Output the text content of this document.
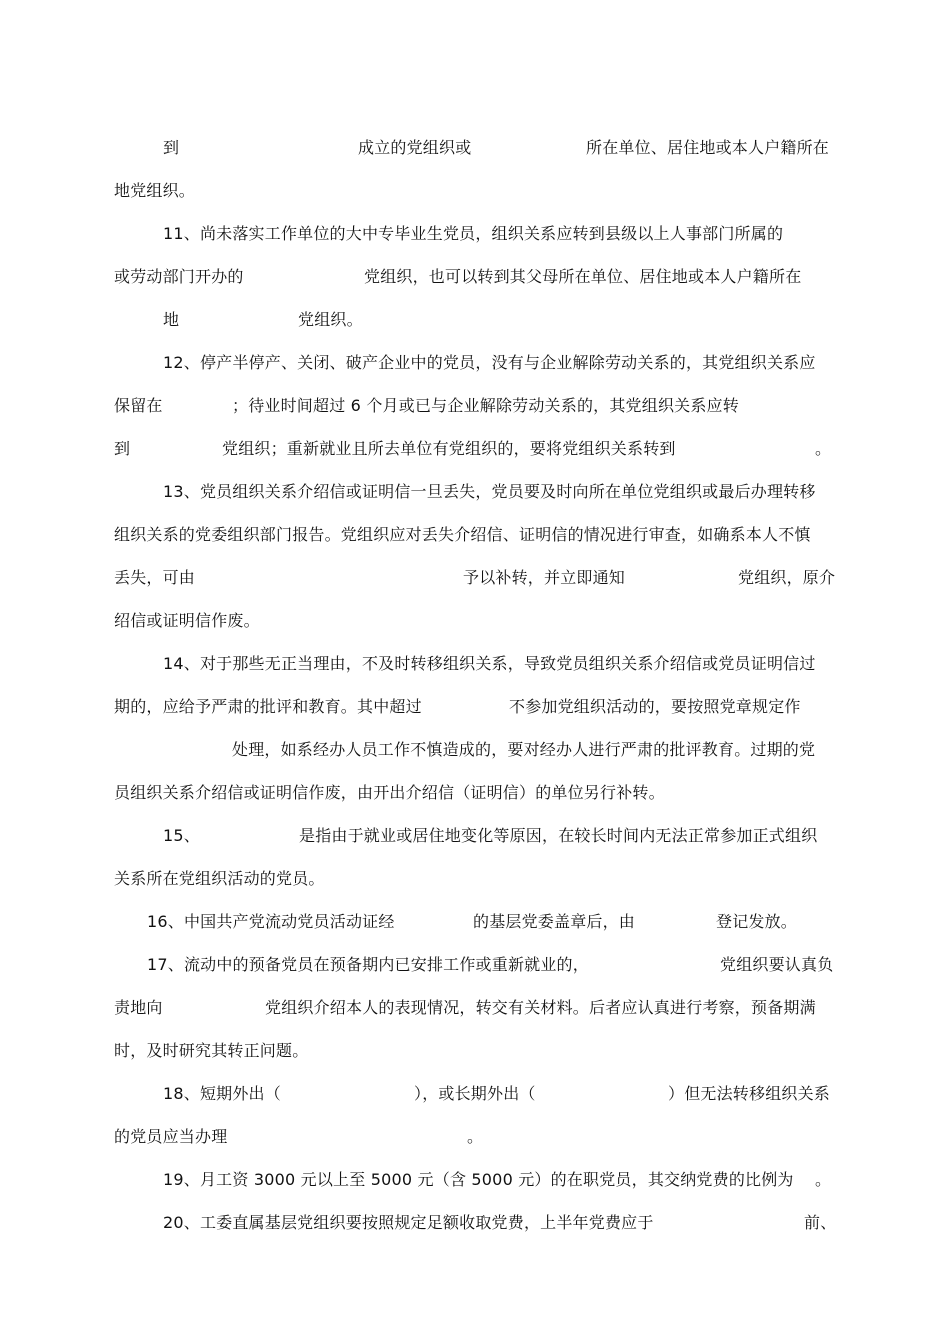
到	成立的党组织或	所在单位、居住地或本人户籍所在
地党组织。
11、尚未落实工作单位的大中专毕业生党员，组织关系应转到县级以上人事部门所属的
或劳动部门开办的	党组织，也可以转到其父母所在单位、居住地或本人户籍所在
地	党组织。
12、停产半停产、关闭、破产企业中的党员，没有与企业解除劳动关系的，其党组织关系应
保留在	；待业时间超过 6 个月或已与企业解除劳动关系的，其党组织关系应转
到	党组织；重新就业且所去单位有党组织的，要将党组织关系转到	。
13、党员组织关系介绍信或证明信一旦丢失，党员要及时向所在单位党组织或最后办理转移
组织关系的党委组织部门报告。党组织应对丢失介绍信、证明信的情况进行审查，如确系本人不慎
丢失，可由	予以补转，并立即通知	党组织，原介
绍信或证明信作废。
14、对于那些无正当理由，不及时转移组织关系，导致党员组织关系介绍信或党员证明信过
期的，应给予严肃的批评和教育。其中超过	不参加党组织活动的，要按照党章规定作
处理，如系经办人员工作不慎造成的，要对经办人进行严肃的批评教育。过期的党
员组织关系介绍信或证明信作废，由开出介绍信（证明信）的单位另行补转。
15、	是指由于就业或居住地变化等原因，在较长时间内无法正常参加正式组织
关系所在党组织活动的党员。
16、中国共产党流动党员活动证经	的基层党委盖章后，由	登记发放。
17、流动中的预备党员在预备期内已安排工作或重新就业的，	党组织要认真负
责地向	党组织介绍本人的表现情况，转交有关材料。后者应认真进行考察，预备期满
时，及时研究其转正问题。
18、短期外出（	），或长期外出（	）但无法转移组织关系
的党员应当办理	。
19、月工资 3000 元以上至 5000 元（含 5000 元）的在职党员，其交纳党费的比例为 。
20、工委直属基层党组织要按照规定足额收取党费，上半年党费应于	前、
